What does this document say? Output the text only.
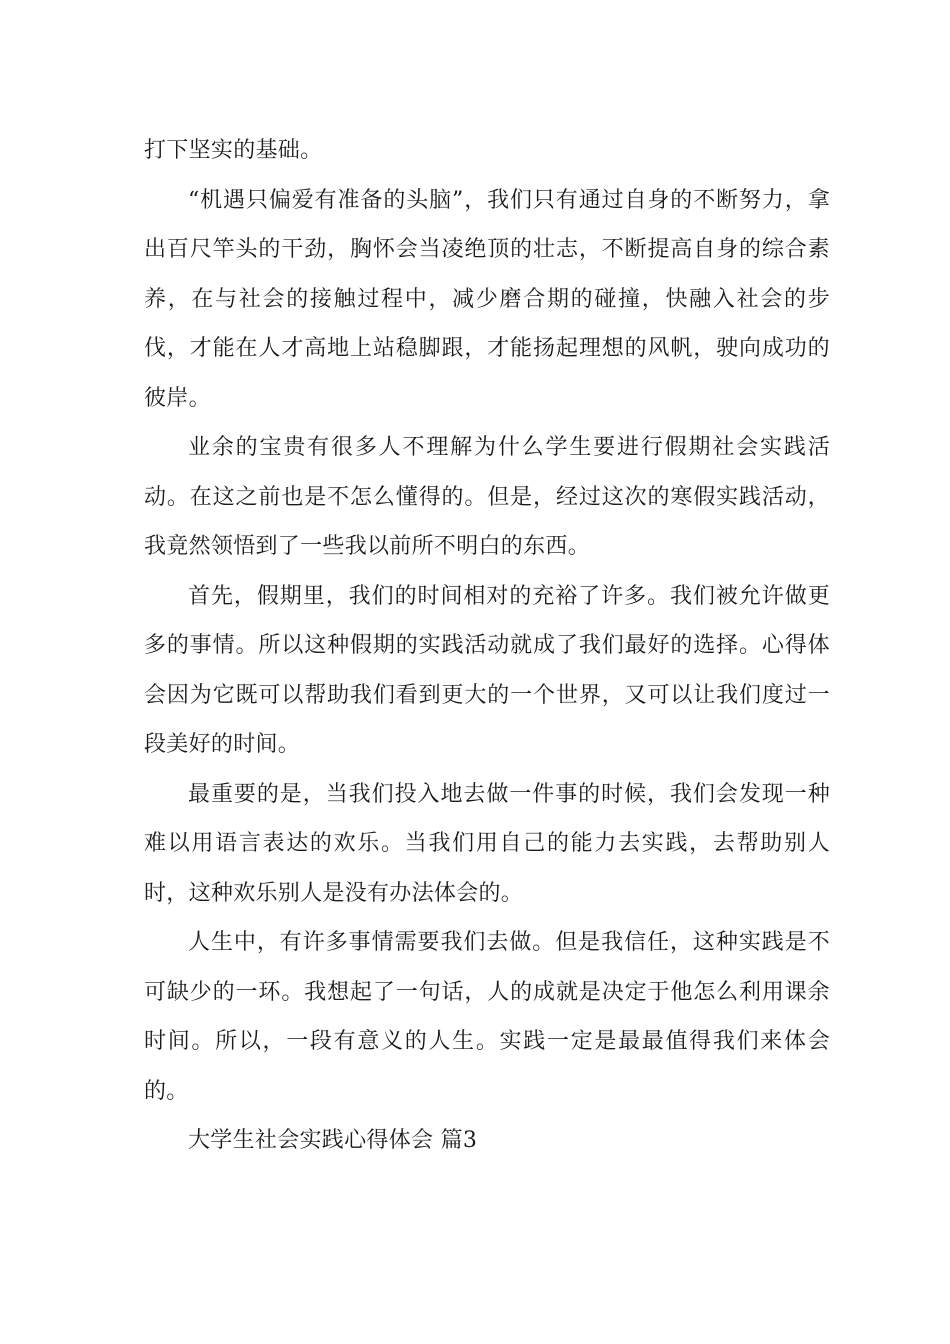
打下坚实的基础。

“机遇只偏爱有准备的头脑”，我们只有通过自身的不断努力，拿出百尺竿头的干劲，胸怀会当凌绝顶的壮志，不断提高自身的综合素养，在与社会的接触过程中，减少磨合期的碰撞，快融入社会的步伐，才能在人才高地上站稳脚跟，才能扬起理想的风帆，驶向成功的彼岸。

业余的宝贵有很多人不理解为什么学生要进行假期社会实践活动。在这之前也是不怎么懂得的。但是，经过这次的寒假实践活动，我竟然领悟到了一些我以前所不明白的东西。

首先，假期里，我们的时间相对的充裕了许多。我们被允许做更多的事情。所以这种假期的实践活动就成了我们最好的选择。心得体会因为它既可以帮助我们看到更大的一个世界，又可以让我们度过一段美好的时间。

最重要的是，当我们投入地去做一件事的时候，我们会发现一种难以用语言表达的欢乐。当我们用自己的能力去实践，去帮助别人时，这种欢乐别人是没有办法体会的。

人生中，有许多事情需要我们去做。但是我信任，这种实践是不可缺少的一环。我想起了一句话，人的成就是决定于他怎么利用课余时间。所以，一段有意义的人生。实践一定是最最值得我们来体会的。

大学生社会实践心得体会 篇3
